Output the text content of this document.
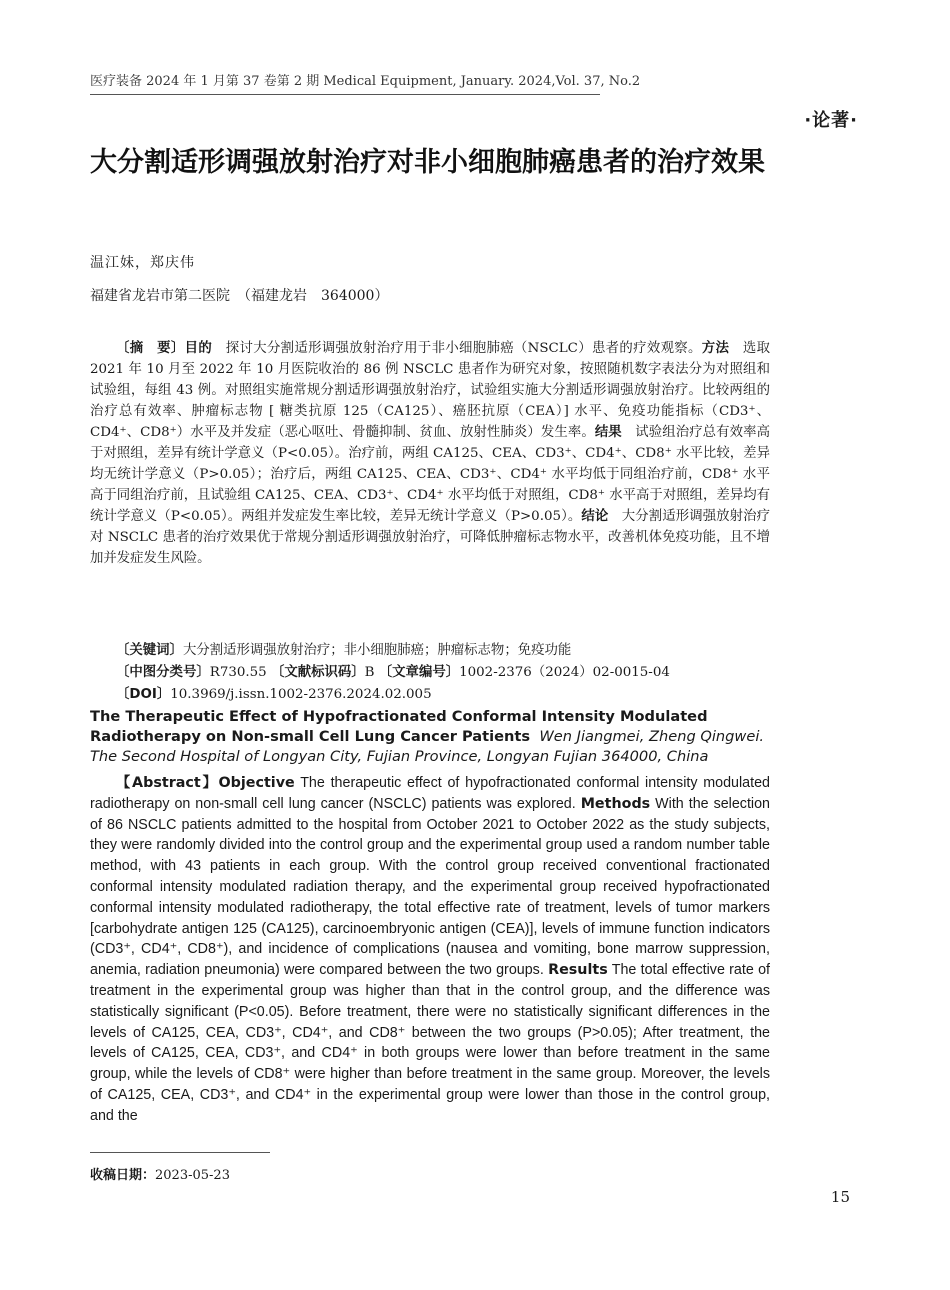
医疗装备 2024 年 1 月第 37 卷第 2 期 Medical Equipment, January. 2024,Vol. 37, No.2
·论著·
大分割适形调强放射治疗对非小细胞肺癌患者的治疗效果
温江妹，郑庆伟
福建省龙岩市第二医院　（福建龙岩　364000）

〔摘　要〕目的　探讨大分割适形调强放射治疗用于非小细胞肺癌（NSCLC）患者的疗效观察。方法　选取 2021 年 10 月至 2022 年 10 月医院收治的 86 例 NSCLC 患者作为研究对象，按照随机数字表法分为对照组和试验组，每组 43 例。对照组实施常规分割适形调强放射治疗，试验组实施大分割适形调强放射治疗。比较两组的治疗总有效率、肿瘤标志物 [ 糖类抗原 125（CA125）、癌胚抗原（CEA）] 水平、免疫功能指标（CD3⁺、CD4⁺、CD8⁺）水平及并发症（恶心呕吐、骨髓抑制、贫血、放射性肺炎）发生率。结果　试验组治疗总有效率高于对照组，差异有统计学意义（P<0.05）。治疗前，两组 CA125、CEA、CD3⁺、CD4⁺、CD8⁺ 水平比较，差异均无统计学意义（P>0.05）；治疗后，两组 CA125、CEA、CD3⁺、CD4⁺ 水平均低于同组治疗前，CD8⁺ 水平高于同组治疗前，且试验组 CA125、CEA、CD3⁺、CD4⁺ 水平均低于对照组，CD8⁺ 水平高于对照组，差异均有统计学意义（P<0.05）。两组并发症发生率比较，差异无统计学意义（P>0.05）。结论　大分割适形调强放射治疗对 NSCLC 患者的治疗效果优于常规分割适形调强放射治疗，可降低肿瘤标志物水平，改善机体免疫功能，且不增加并发症发生风险。

〔关键词〕大分割适形调强放射治疗；非小细胞肺癌；肿瘤标志物；免疫功能
〔中图分类号〕R730.55 〔文献标识码〕B 〔文章编号〕1002-2376（2024）02-0015-04
〔DOI〕10.3969/j.issn.1002-2376.2024.02.005
The Therapeutic Effect of Hypofractionated Conformal Intensity Modulated Radiotherapy on Non-small Cell Lung Cancer Patients Wen Jiangmei, Zheng Qingwei. The Second Hospital of Longyan City, Fujian Province, Longyan Fujian 364000, China

【Abstract】Objective The therapeutic effect of hypofractionated conformal intensity modulated radiotherapy on non-small cell lung cancer (NSCLC) patients was explored. Methods With the selection of 86 NSCLC patients admitted to the hospital from October 2021 to October 2022 as the study subjects, they were randomly divided into the control group and the experimental group used a random number table method, with 43 patients in each group. With the control group received conventional fractionated conformal intensity modulated radiation therapy, and the experimental group received hypofractionated conformal intensity modulated radiotherapy, the total effective rate of treatment, levels of tumor markers [carbohydrate antigen 125 (CA125), carcinoembryonic antigen (CEA)], levels of immune function indicators (CD3⁺, CD4⁺, CD8⁺), and incidence of complications (nausea and vomiting, bone marrow suppression, anemia, radiation pneumonia) were compared between the two groups. Results The total effective rate of treatment in the experimental group was higher than that in the control group, and the difference was statistically significant (P<0.05). Before treatment, there were no statistically significant differences in the levels of CA125, CEA, CD3⁺, CD4⁺, and CD8⁺ between the two groups (P>0.05); After treatment, the levels of CA125, CEA, CD3⁺, and CD4⁺ in both groups were lower than before treatment in the same group, while the levels of CD8⁺ were higher than before treatment in the same group. Moreover, the levels of CA125, CEA, CD3⁺, and CD4⁺ in the experimental group were lower than those in the control group, and the

收稿日期：2023-05-23
15
